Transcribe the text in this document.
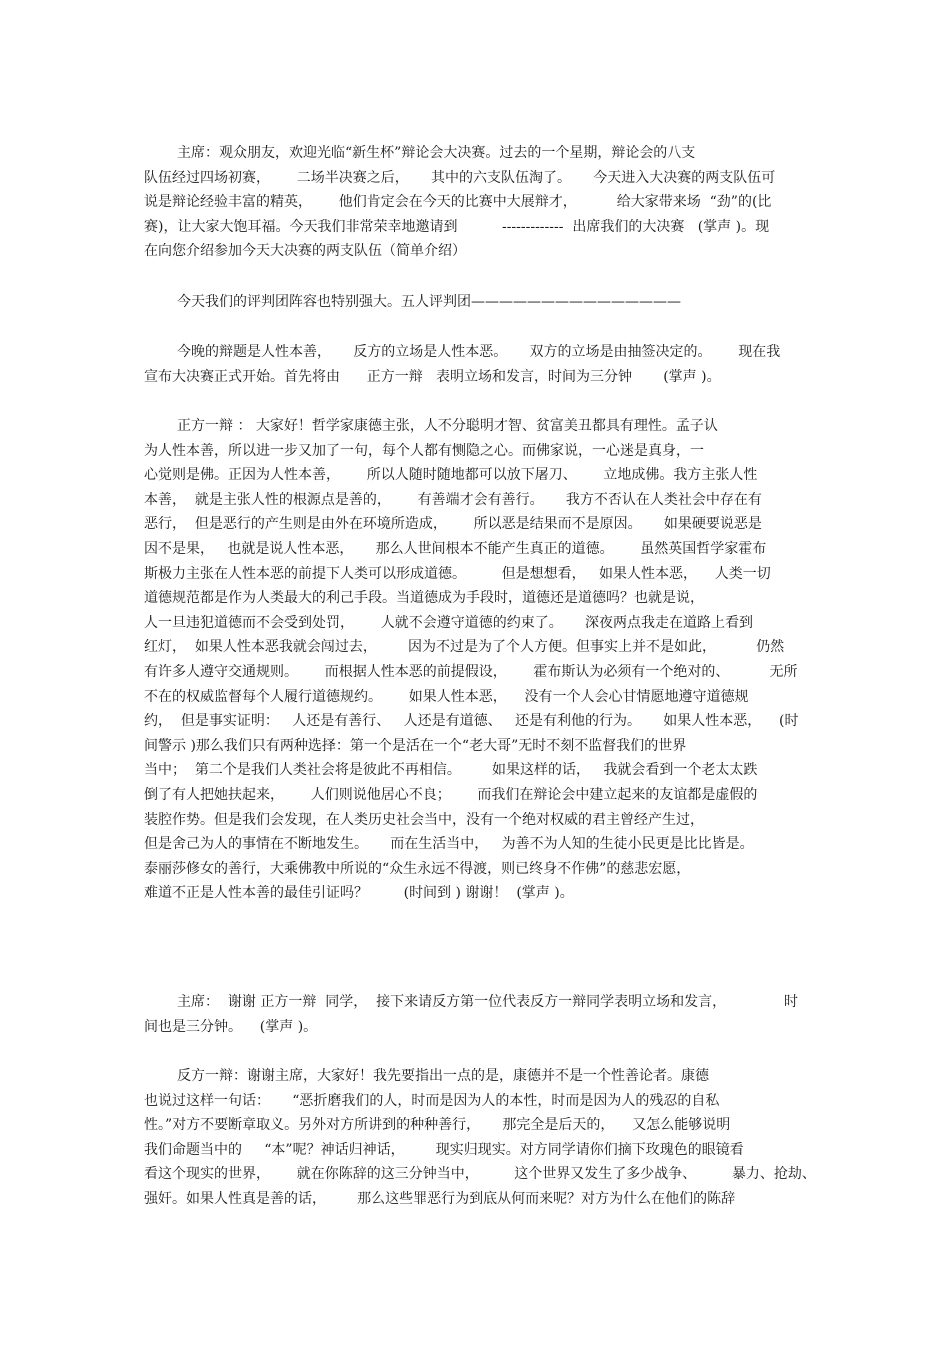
主席：观众朋友，欢迎光临“新生杯”辩论会大决赛。过去的一个星期，辩论会的八支
队伍经过四场初赛，      二场半决赛之后，     其中的六支队伍淘了。     今天进入大决赛的两支队伍可
说是辩论经验丰富的精英，      他们肯定会在今天的比赛中大展辩才，         给大家带来场  “劲”的(比
赛)，让大家大饱耳福。今天我们非常荣幸地邀请到          -------------  出席我们的大决赛   (掌声 )。现
在向您介绍参加今天大决赛的两支队伍（简单介绍）
今天我们的评判团阵容也特别强大。五人评判团———————————————
今晚的辩题是人性本善，     反方的立场是人性本恶。     双方的立场是由抽签决定的。      现在我
宣布大决赛正式开始。首先将由      正方一辩   表明立场和发言，时间为三分钟       (掌声 )。
正方一辩 ： 大家好！哲学家康德主张，人不分聪明才智、贫富美丑都具有理性。孟子认
为人性本善，所以进一步又加了一句，每个人都有恻隐之心。而佛家说，一心迷是真身，一
心觉则是佛。正因为人性本善，      所以人随时随地都可以放下屠刀、      立地成佛。我方主张人性
本善，  就是主张人性的根源点是善的，      有善端才会有善行。     我方不否认在人类社会中存在有
恶行，  但是恶行的产生则是由外在环境所造成，      所以恶是结果而不是原因。     如果硬要说恶是
因不是果，   也就是说人性本恶，     那么人世间根本不能产生真正的道德。      虽然英国哲学家霍布
斯极力主张在人性本恶的前提下人类可以形成道德。        但是想想看，   如果人性本恶，    人类一切
道德规范都是作为人类最大的利己手段。当道德成为手段时，道德还是道德吗？也就是说，
人一旦违犯道德而不会受到处罚，      人就不会遵守道德的约束了。     深夜两点我走在道路上看到
红灯，  如果人性本恶我就会闯过去，       因为不过是为了个人方便。但事实上并不是如此，         仍然
有许多人遵守交通规则。      而根据人性本恶的前提假设，      霍布斯认为必须有一个绝对的、         无所
不在的权威监督每个人履行道德规约。      如果人性本恶，    没有一个人会心甘情愿地遵守道德规
约，  但是事实证明：   人还是有善行、   人还是有道德、   还是有利他的行为。     如果人性本恶，    (时
间警示 )那么我们只有两种选择：第一个是活在一个“老大哥”无时不刻不监督我们的世界
当中；  第二个是我们人类社会将是彼此不再相信。       如果这样的话，   我就会看到一个老太太跌
倒了有人把她扶起来，      人们则说他居心不良；      而我们在辩论会中建立起来的友谊都是虚假的
装腔作势。但是我们会发现，在人类历史社会当中，没有一个绝对权威的君主曾经产生过，
但是舍己为人的事情在不断地发生。     而在生活当中，   为善不为人知的生徒小民更是比比皆是。
泰丽莎修女的善行，大乘佛教中所说的“众生永远不得渡，则已终身不作佛”的慈悲宏愿，
难道不正是人性本善的最佳引证吗？        (时间到 ) 谢谢！  (掌声 )。
主席：  谢谢 正方一辩  同学，  接下来请反方第一位代表反方一辩同学表明立场和发言，             时
间也是三分钟。    (掌声 )。
反方一辩：谢谢主席，大家好！我先要指出一点的是，康德并不是一个性善论者。康德
也说过这样一句话：     “恶折磨我们的人，时而是因为人的本性，时而是因为人的残忍的自私
性。”对方不要断章取义。另外对方所讲到的种种善行，     那完全是后天的，    又怎么能够说明
我们命题当中的     “本”呢？神话归神话，       现实归现实。对方同学请你们摘下玫瑰色的眼镜看
看这个现实的世界，      就在你陈辞的这三分钟当中，        这个世界又发生了多少战争、        暴力、抢劫、
强奸。如果人性真是善的话，       那么这些罪恶行为到底从何而来呢？对方为什么在他们的陈辞
